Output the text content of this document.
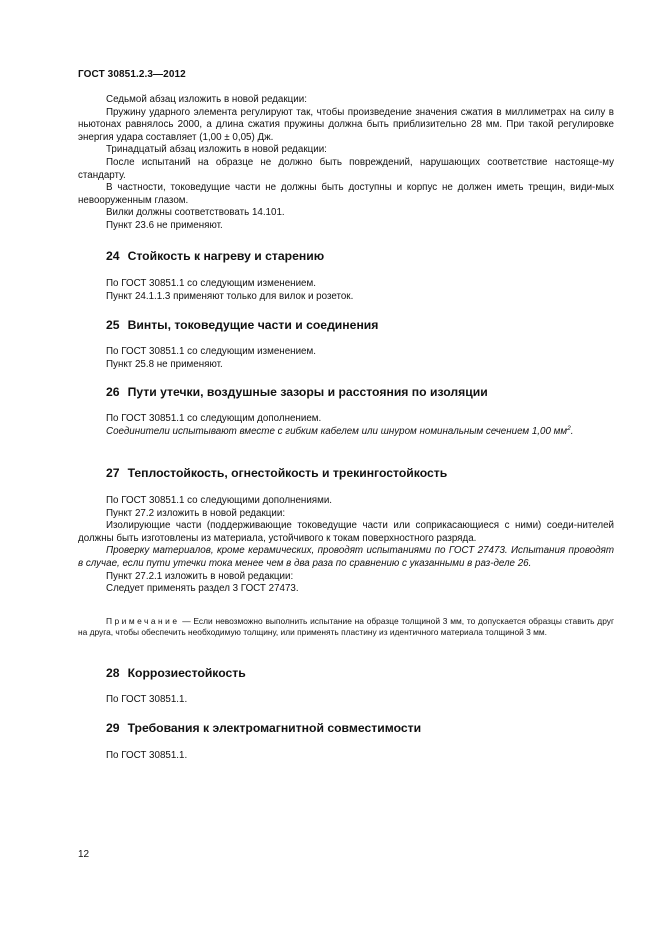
ГОСТ 30851.2.3—2012

Седьмой абзац изложить в новой редакции:

Пружину ударного элемента регулируют так, чтобы произведение значения сжатия в миллиметрах на силу в ньютонах равнялось 2000, а длина сжатия пружины должна быть приблизительно 28 мм. При такой регулировке энергия удара составляет (1,00 ± 0,05) Дж.

Тринадцатый абзац изложить в новой редакции:

После испытаний на образце не должно быть повреждений, нарушающих соответствие настояще-му стандарту.

В частности, токоведущие части не должны быть доступны и корпус не должен иметь трещин, види-мых невооруженным глазом.

Вилки должны соответствовать 14.101.

Пункт 23.6 не применяют.

24 Стойкость к нагреву и старению

По ГОСТ 30851.1 со следующим изменением.

Пункт 24.1.1.3 применяют только для вилок и розеток.

25 Винты, токоведущие части и соединения

По ГОСТ 30851.1 со следующим изменением.

Пункт 25.8 не применяют.

26 Пути утечки, воздушные зазоры и расстояния по изоляции

По ГОСТ 30851.1 со следующим дополнением.

Соединители испытывают вместе с гибким кабелем или шнуром номинальным сечением 1,00 $мм^2$.

27 Теплостойкость, огнестойкость и трекингостойкость

По ГОСТ 30851.1 со следующими дополнениями.

Пункт 27.2 изложить в новой редакции:

Изолирующие части (поддерживающие токоведущие части или соприкасающиеся с ними) соеди-нителей должны быть изготовлены из материала, устойчивого к токам поверхностного разряда.

Проверку материалов, кроме керамических, проводят испытаниями по ГОСТ 27473. Испытания проводят в случае, если пути утечки тока менее чем в два раза по сравнению с указанными в раз-деле 26.

Пункт 27.2.1 изложить в новой редакции:

Следует применять раздел 3 ГОСТ 27473.

Примечание — Если невозможно выполнить испытание на образце толщиной 3 мм, то допускается образцы ставить друг на друга, чтобы обеспечить необходимую толщину, или применять пластину из идентичного материала толщиной 3 мм.

28 Коррозиестойкость

По ГОСТ 30851.1.

29 Требования к электромагнитной совместимости

По ГОСТ 30851.1.

12
